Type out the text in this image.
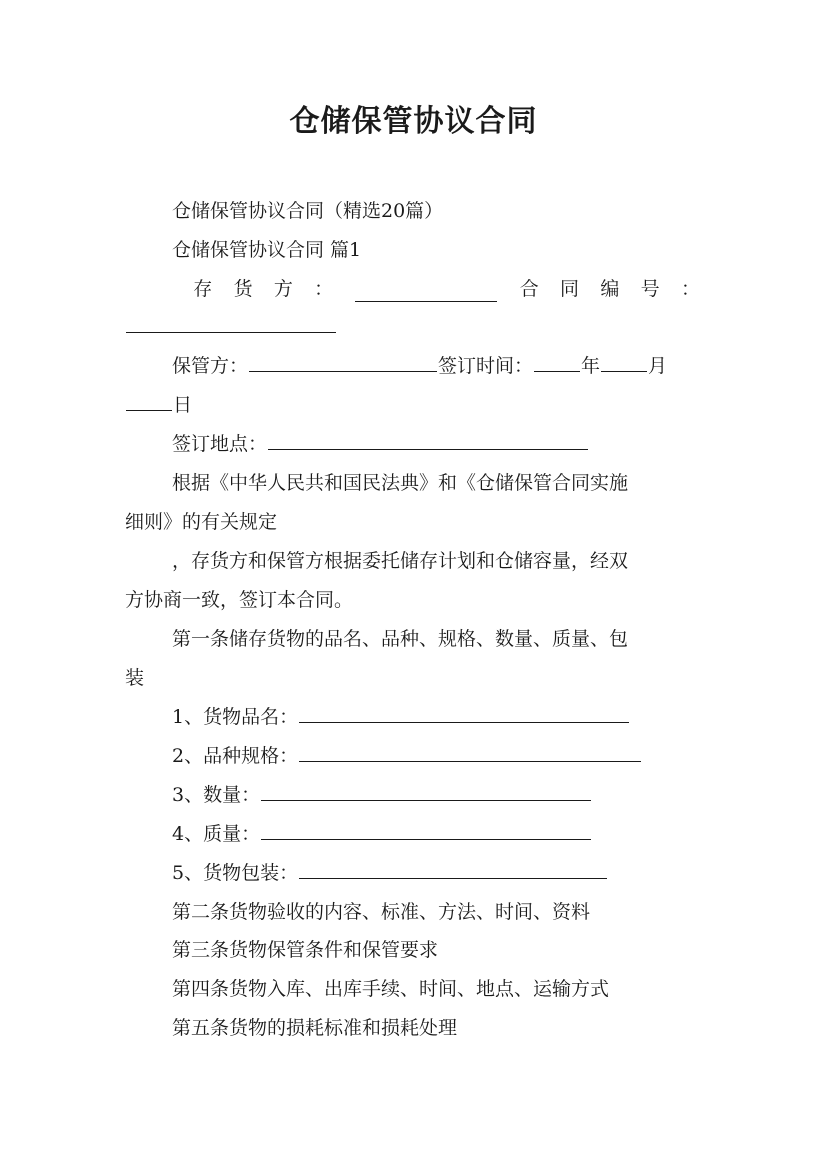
仓储保管协议合同
仓储保管协议合同（精选20篇）
仓储保管协议合同 篇1
存 货 方 ：	合 同 编 号 ：
保管方：	签订时间：	年	月
日
签订地点：
根据《中华人民共和国民法典》和《仓储保管合同实施
细则》的有关规定
，存货方和保管方根据委托储存计划和仓储容量，经双
方协商一致，签订本合同。
第一条储存货物的品名、品种、规格、数量、质量、包
装
1、货物品名：
2、品种规格：
3、数量：
4、质量：
5、货物包装：
第二条货物验收的内容、标准、方法、时间、资料
第三条货物保管条件和保管要求
第四条货物入库、出库手续、时间、地点、运输方式
第五条货物的损耗标准和损耗处理
